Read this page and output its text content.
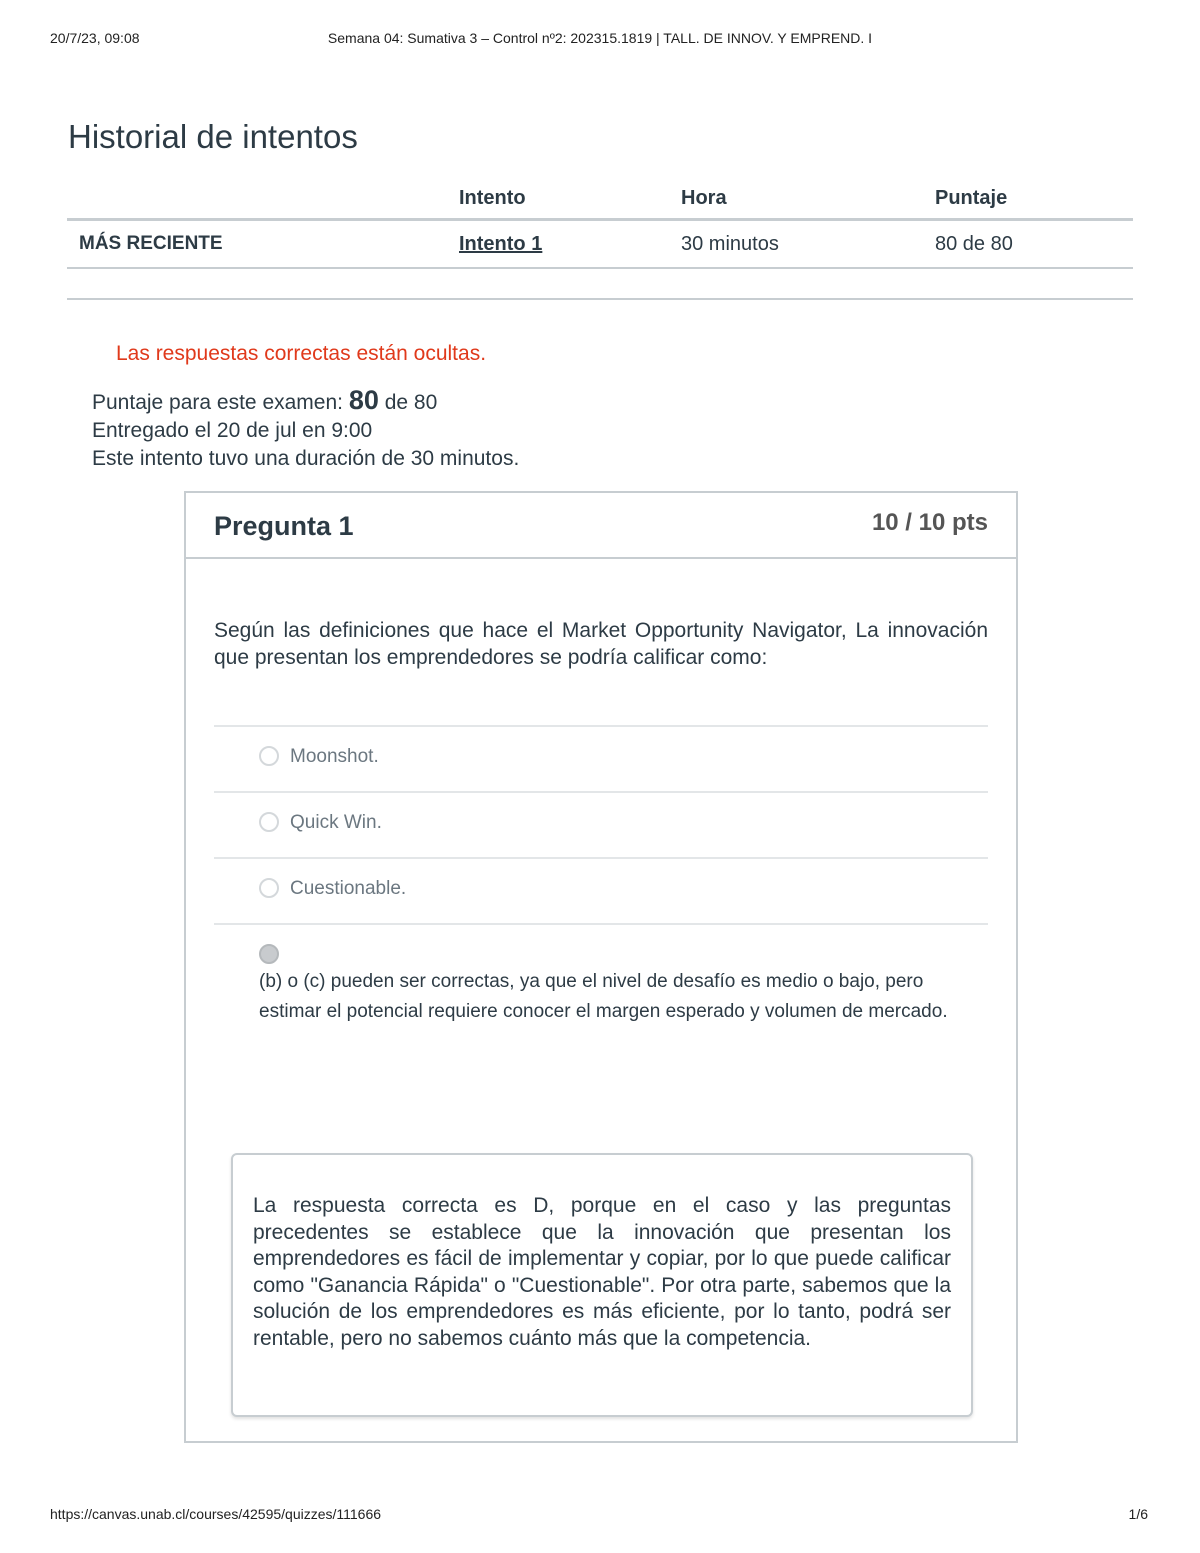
20/7/23, 09:08	Semana 04: Sumativa 3 – Control nº2: 202315.1819 | TALL. DE INNOV. Y EMPREND. I
Historial de intentos
	Intento	Hora	Puntaje
MÁS RECIENTE	Intento 1	30 minutos	80 de 80
Las respuestas correctas están ocultas.
Puntaje para este examen: 80 de 80
Entregado el 20 de jul en 9:00
Este intento tuvo una duración de 30 minutos.
Pregunta 1	10 / 10 pts

Según las definiciones que hace el Market Opportunity Navigator, La innovación que presentan los emprendedores se podría calificar como:

Moonshot.
Quick Win.
Cuestionable.
(b) o (c) pueden ser correctas, ya que el nivel de desafío es medio o bajo, pero estimar el potencial requiere conocer el margen esperado y volumen de mercado.

La respuesta correcta es D, porque en el caso y las preguntas precedentes se establece que la innovación que presentan los emprendedores es fácil de implementar y copiar, por lo que puede calificar como "Ganancia Rápida" o "Cuestionable". Por otra parte, sabemos que la solución de los emprendedores es más eficiente, por lo tanto, podrá ser rentable, pero no sabemos cuánto más que la competencia.

https://canvas.unab.cl/courses/42595/quizzes/111666	1/6
